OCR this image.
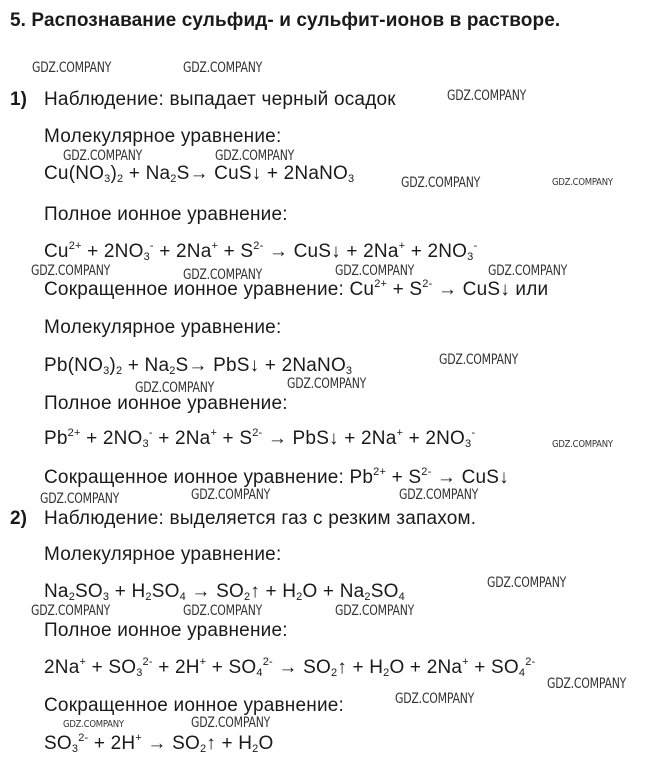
5. Распознавание сульфид- и сульфит-ионов в растворе.
GDZ.COMPANY	GDZ.COMPANY
GDZ.COMPANY
GDZ.COMPANY	GDZ.COMPANY
GDZ.COMPANY	GDZ.COMPANY
GDZ.COMPANY	GDZ.COMPANY	GDZ.COMPANY	GDZ.COMPANY
GDZ.COMPANY
GDZ.COMPANY	GDZ.COMPANY
GDZ.COMPANY
GDZ.COMPANY	GDZ.COMPANY	GDZ.COMPANY
GDZ.COMPANY
GDZ.COMPANY	GDZ.COMPANY	GDZ.COMPANY
GDZ.COMPANY
GDZ.COMPANY
GDZ.COMPANY	GDZ.COMPANY
1) Наблюдение: выпадает черный осадок
Молекулярное уравнение:
$Cu(NO_3)_2 + Na_2S\to$ CuS↓ + 2NaNO$_3$
Полное ионное уравнение:
$Cu^{2+} + 2NO_3^- + 2Na^+ + S^{2-}$ → CuS↓ + $2Na^+ + 2NO_3^-$
Сокращенное ионное уравнение: $Cu^{2+} + S^{2-}$ → CuS↓ или
Молекулярное уравнение:
$Pb(NO_3)_2 + Na_2S\to$ PbS↓ + 2NaNO$_3$
Полное ионное уравнение:
$Pb^{2+} + 2NO_3^- + 2Na^+ + S^{2-}$ → PbS↓ + $2Na^+ + 2NO_3^-$
Сокращенное ионное уравнение: $Pb^{2+} + S^{2-}$ → CuS↓
2) Наблюдение: выделяется газ с резким запахом.
Молекулярное уравнение:
$Na_2SO_3 + H_2SO_4$ → $SO_2↑ + H_2O + Na_2SO_4$
Полное ионное уравнение:
$2Na^+ + SO_3^{2-} + 2H^+ + SO_4^{2-}$ → $SO_2↑ + H_2O + 2Na^+ + SO_4^{2-}$
Сокращенное ионное уравнение:
$SO_3^{2-} + 2H^+$ → $SO_2↑ + H_2O$
